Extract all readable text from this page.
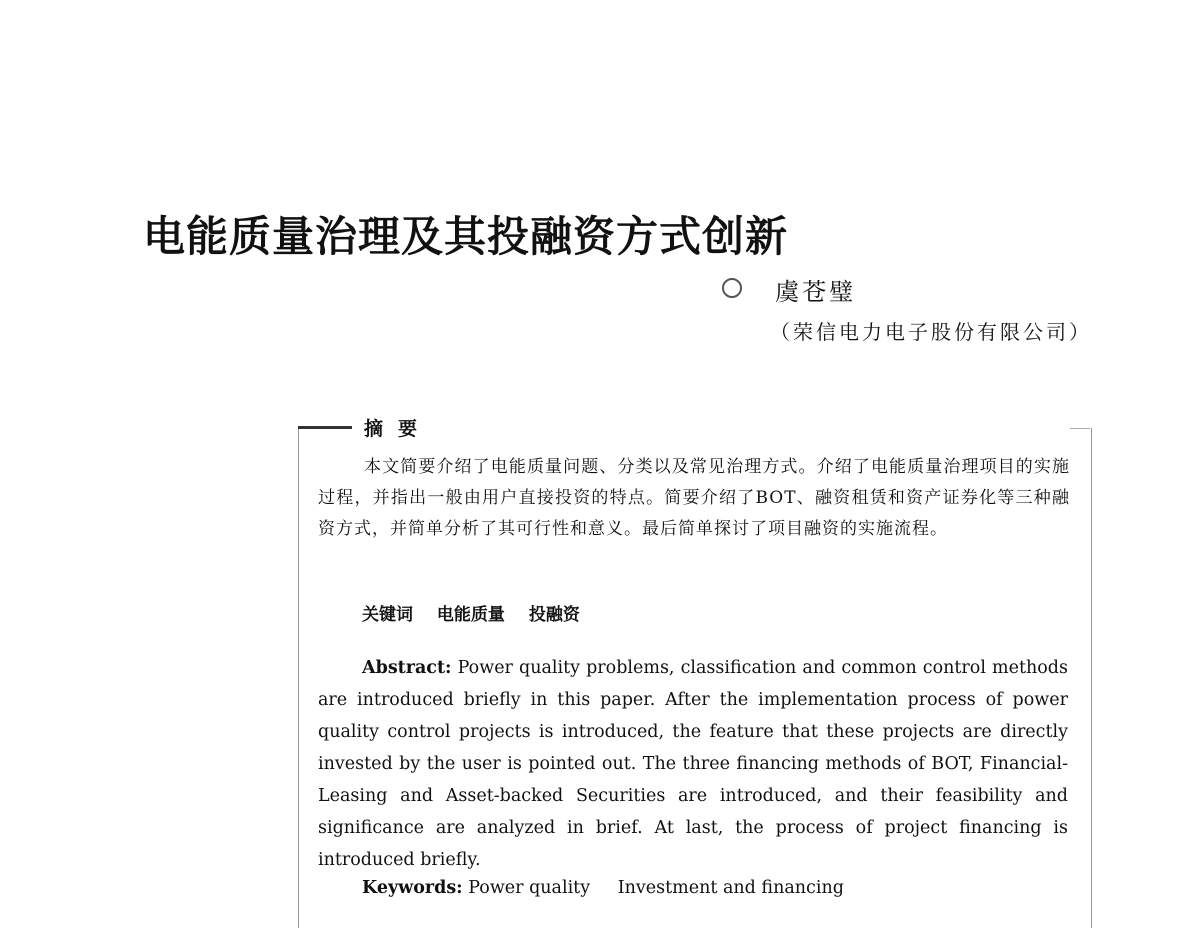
电能质量治理及其投融资方式创新
虞苍璧
（荣信电力电子股份有限公司）
摘要

本文简要介绍了电能质量问题、分类以及常见治理方式。介绍了电能质量治理项目的实施过程，并指出一般由用户直接投资的特点。简要介绍了BOT、融资租赁和资产证券化等三种融资方式，并简单分析了其可行性和意义。最后简单探讨了项目融资的实施流程。

关键词 电能质量 投融资

Abstract: Power quality problems, classification and common control methods are introduced briefly in this paper. After the implementation process of power quality control projects is introduced, the feature that these projects are directly invested by the user is pointed out. The three financing methods of BOT, Financial-Leasing and Asset-backed Securities are introduced, and their feasibility and significance are analyzed in brief. At last, the process of project financing is introduced briefly.

Keywords: Power quality Investment and financing
